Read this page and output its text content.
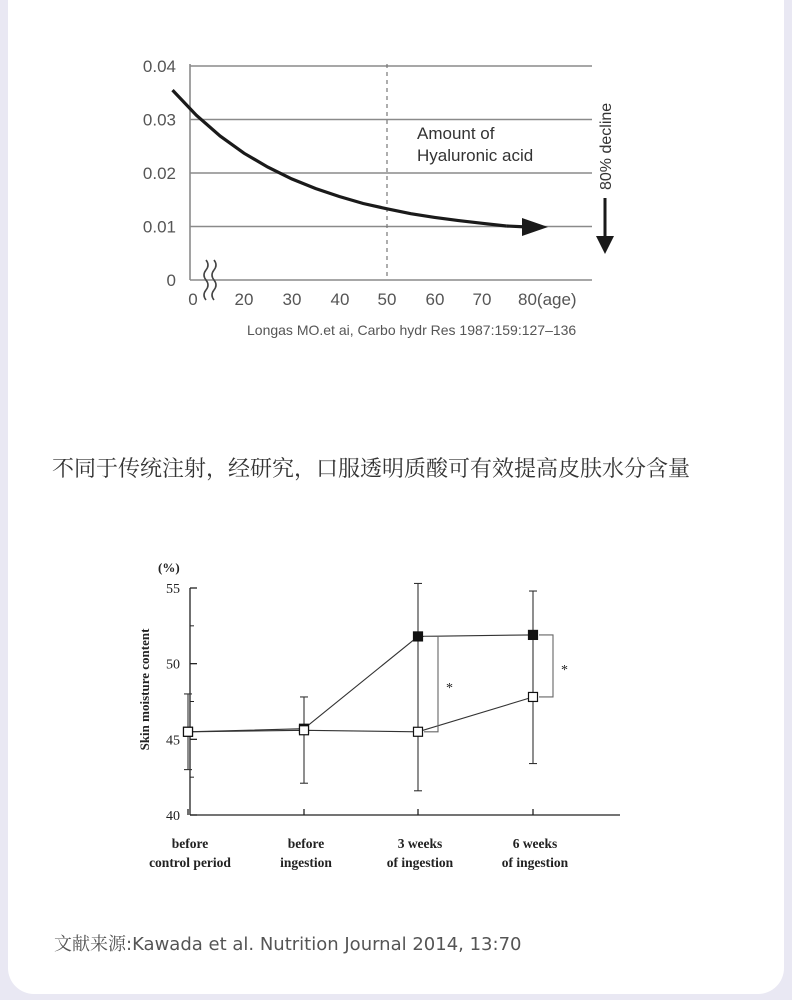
0
0.01
0.02
0.03
0.04
0 20 30 40 50 60 70 80(age)
Amount of
Hyaluronic acid	80% decline
Longas MO.et ai, Carbo hydr Res 1987:159:127–136
不同于传统注射，经研究，口服透明质酸可有效提高皮肤水分含量
40
45
50
55
(%)
Skin moisture content
before
control period
before
ingestion
3 weeks
of ingestion
6 weeks
of ingestion
*
*
文献来源:Kawada et al. Nutrition Journal 2014, 13:70
